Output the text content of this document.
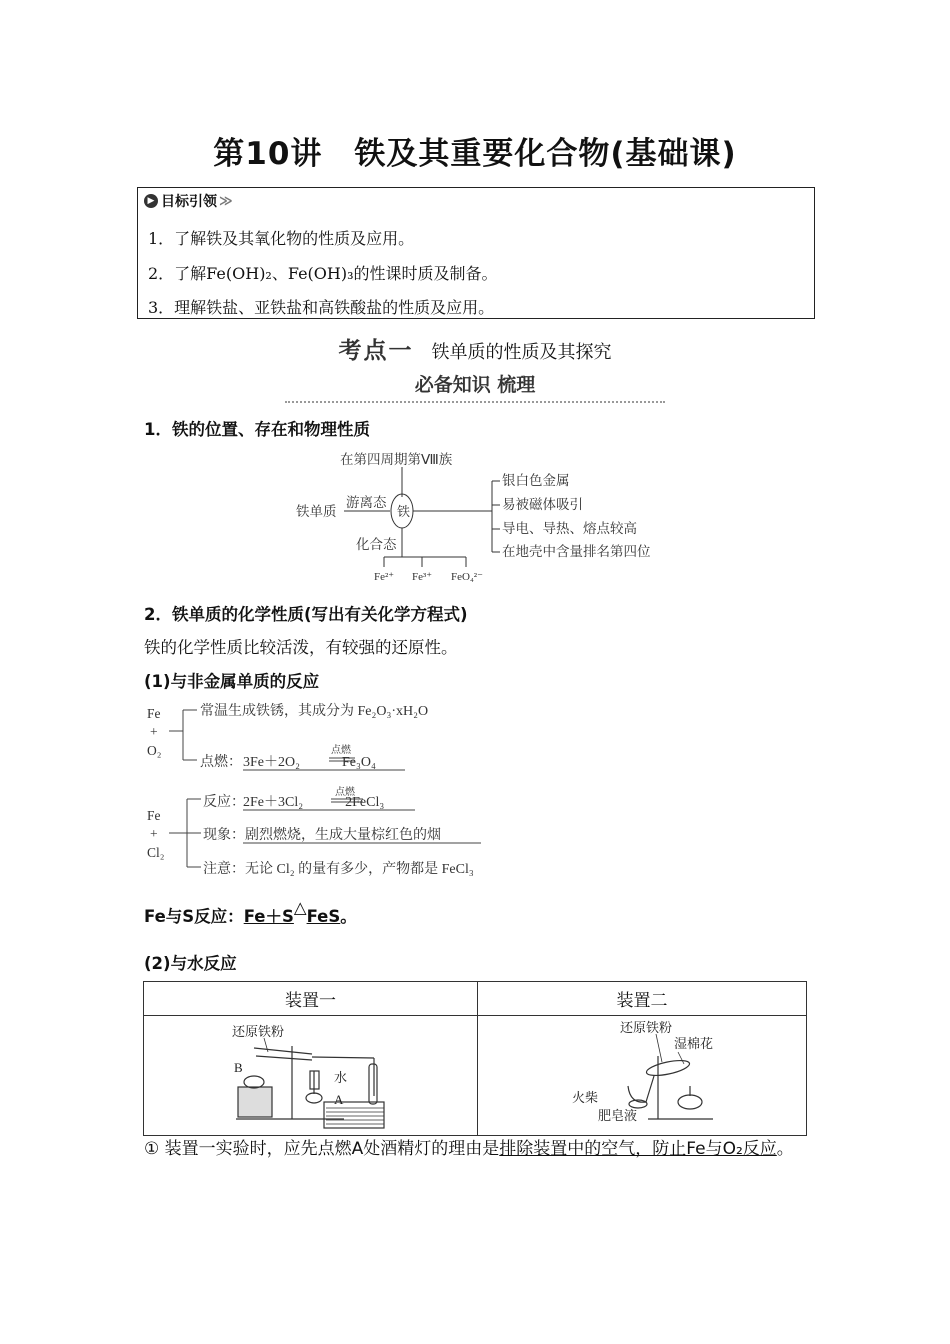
第10讲　铁及其重要化合物(基础课)
▶ 目标引领 ≫
1．了解铁及其氧化物的性质及应用。
2．了解Fe(OH)₂、Fe(OH)₃的性课时质及制备。
3．理解铁盐、亚铁盐和高铁酸盐的性质及应用。
考点一 铁单质的性质及其探究
必备知识 梳理
1．铁的位置、存在和物理性质
在第四周期第Ⅷ族
铁
铁单质
游离态
化合态
Fe²⁺ Fe³⁺ FeO₄²⁻
银白色金属
易被磁体吸引
导电、导热、熔点较高
在地壳中含量排名第四位
2．铁单质的化学性质(写出有关化学方程式)
铁的化学性质比较活泼，有较强的还原性。
(1)与非金属单质的反应
Fe
+
O₂
常温生成铁锈，其成分为 Fe₂O₃·xH₂O
点燃：
点燃
3Fe＋2O₂　　　Fe₃O₄
Fe
+
Cl₂
反应：
点燃
2Fe＋3Cl₂　　　2FeCl₃
现象： 剧烈燃烧，生成大量棕红色的烟
注意：无论 Cl₂ 的量有多少，产物都是 FeCl₃
Fe与S反应：Fe＋S△FeS。
(2)与水反应
装置一	装置二

还原铁粉
B
水
A	还原铁粉
湿棉花
火柴
肥皂液
① 装置一实验时，应先点燃A处酒精灯的理由是排除装置中的空气，防止Fe与O₂反应。
